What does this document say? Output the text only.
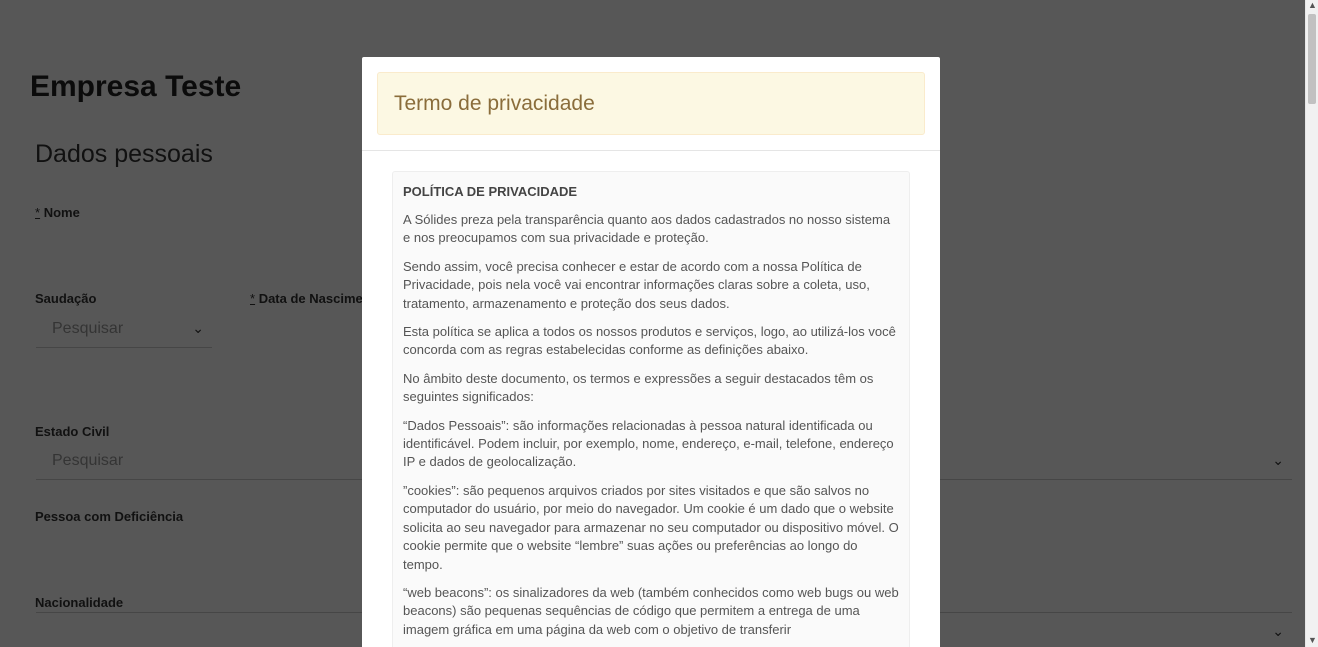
Termo de privacidade
POLÍTICA DE PRIVACIDADE

A Sólides preza pela transparência quanto aos dados cadastrados no nosso sistema e nos preocupamos com sua privacidade e proteção.

Sendo assim, você precisa conhecer e estar de acordo com a nossa Política de Privacidade, pois nela você vai encontrar informações claras sobre a coleta, uso, tratamento, armazenamento e proteção dos seus dados.

Esta política se aplica a todos os nossos produtos e serviços, logo, ao utilizá-los você concorda com as regras estabelecidas conforme as definições abaixo.

No âmbito deste documento, os termos e expressões a seguir destacados têm os seguintes significados:

“Dados Pessoais”: são informações relacionadas à pessoa natural identificada ou identificável. Podem incluir, por exemplo, nome, endereço, e-mail, telefone, endereço IP e dados de geolocalização.

”cookies”: são pequenos arquivos criados por sites visitados e que são salvos no computador do usuário, por meio do navegador. Um cookie é um dado que o website solicita ao seu navegador para armazenar no seu computador ou dispositivo móvel. O cookie permite que o website “lembre” suas ações ou preferências ao longo do tempo.

“web beacons”: os sinalizadores da web (também conhecidos como web bugs ou web beacons) são pequenas sequências de código que permitem a entrega de uma imagem gráfica em uma página da web com o objetivo de transferir

▲
▼
